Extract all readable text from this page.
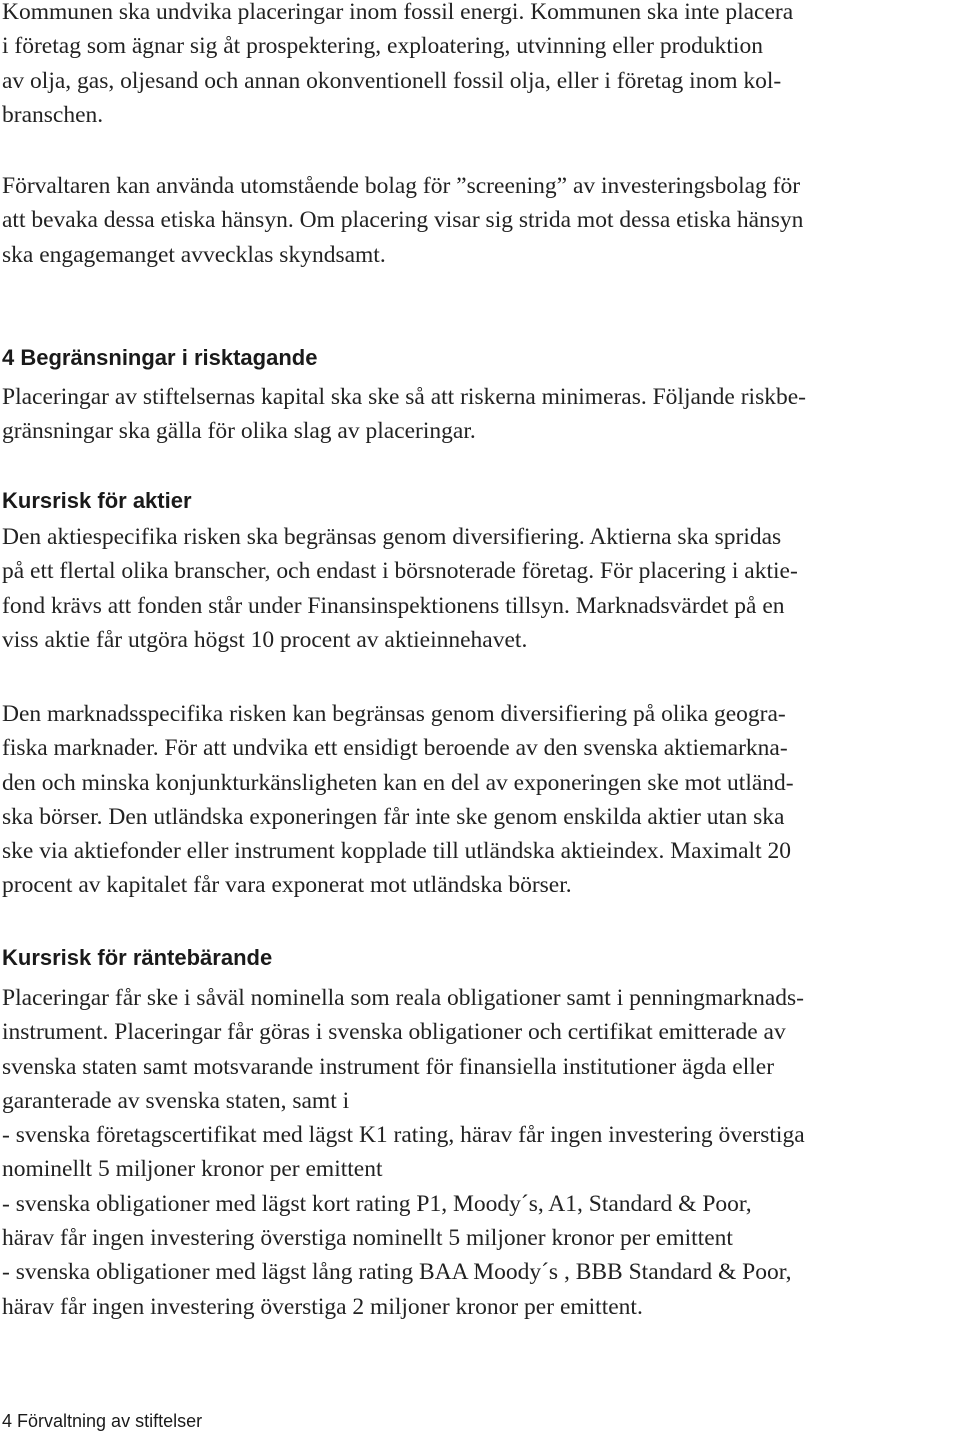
Kommunen ska undvika placeringar inom fossil energi. Kommunen ska inte placera
i företag som ägnar sig åt prospektering, exploatering, utvinning eller produktion
av olja, gas, oljesand och annan okonventionell fossil olja, eller i företag inom kol-
branschen.
Förvaltaren kan använda utomstående bolag för ”screening” av investeringsbolag för
att bevaka dessa etiska hänsyn. Om placering visar sig strida mot dessa etiska hänsyn
ska engagemanget avvecklas skyndsamt.
4 Begränsningar i risktagande
Placeringar av stiftelsernas kapital ska ske så att riskerna minimeras. Följande riskbe-
gränsningar ska gälla för olika slag av placeringar.
Kursrisk för aktier
Den aktiespecifika risken ska begränsas genom diversifiering. Aktierna ska spridas
på ett flertal olika branscher, och endast i börsnoterade företag. För placering i aktie-
fond krävs att fonden står under Finansinspektionens tillsyn. Marknadsvärdet på en
viss aktie får utgöra högst 10 procent av aktieinnehavet.
Den marknadsspecifika risken kan begränsas genom diversifiering på olika geogra-
fiska marknader. För att undvika ett ensidigt beroende av den svenska aktiemarkna-
den och minska konjunkturkänsligheten kan en del av exponeringen ske mot utländ-
ska börser. Den utländska exponeringen får inte ske genom enskilda aktier utan ska
ske via aktiefonder eller instrument kopplade till utländska aktieindex. Maximalt 20
procent av kapitalet får vara exponerat mot utländska börser.
Kursrisk för räntebärande
Placeringar får ske i såväl nominella som reala obligationer samt i penningmarknads-
instrument. Placeringar får göras i svenska obligationer och certifikat emitterade av
svenska staten samt motsvarande instrument för finansiella institutioner ägda eller
garanterade av svenska staten, samt i
- svenska företagscertifikat med lägst K1 rating, härav får ingen investering överstiga
nominellt 5 miljoner kronor per emittent
- svenska obligationer med lägst kort rating P1, Moody´s, A1, Standard & Poor,
härav får ingen investering överstiga nominellt 5 miljoner kronor per emittent
- svenska obligationer med lägst lång rating BAA Moody´s , BBB Standard & Poor,
härav får ingen investering överstiga 2 miljoner kronor per emittent.
4 Förvaltning av stiftelser
